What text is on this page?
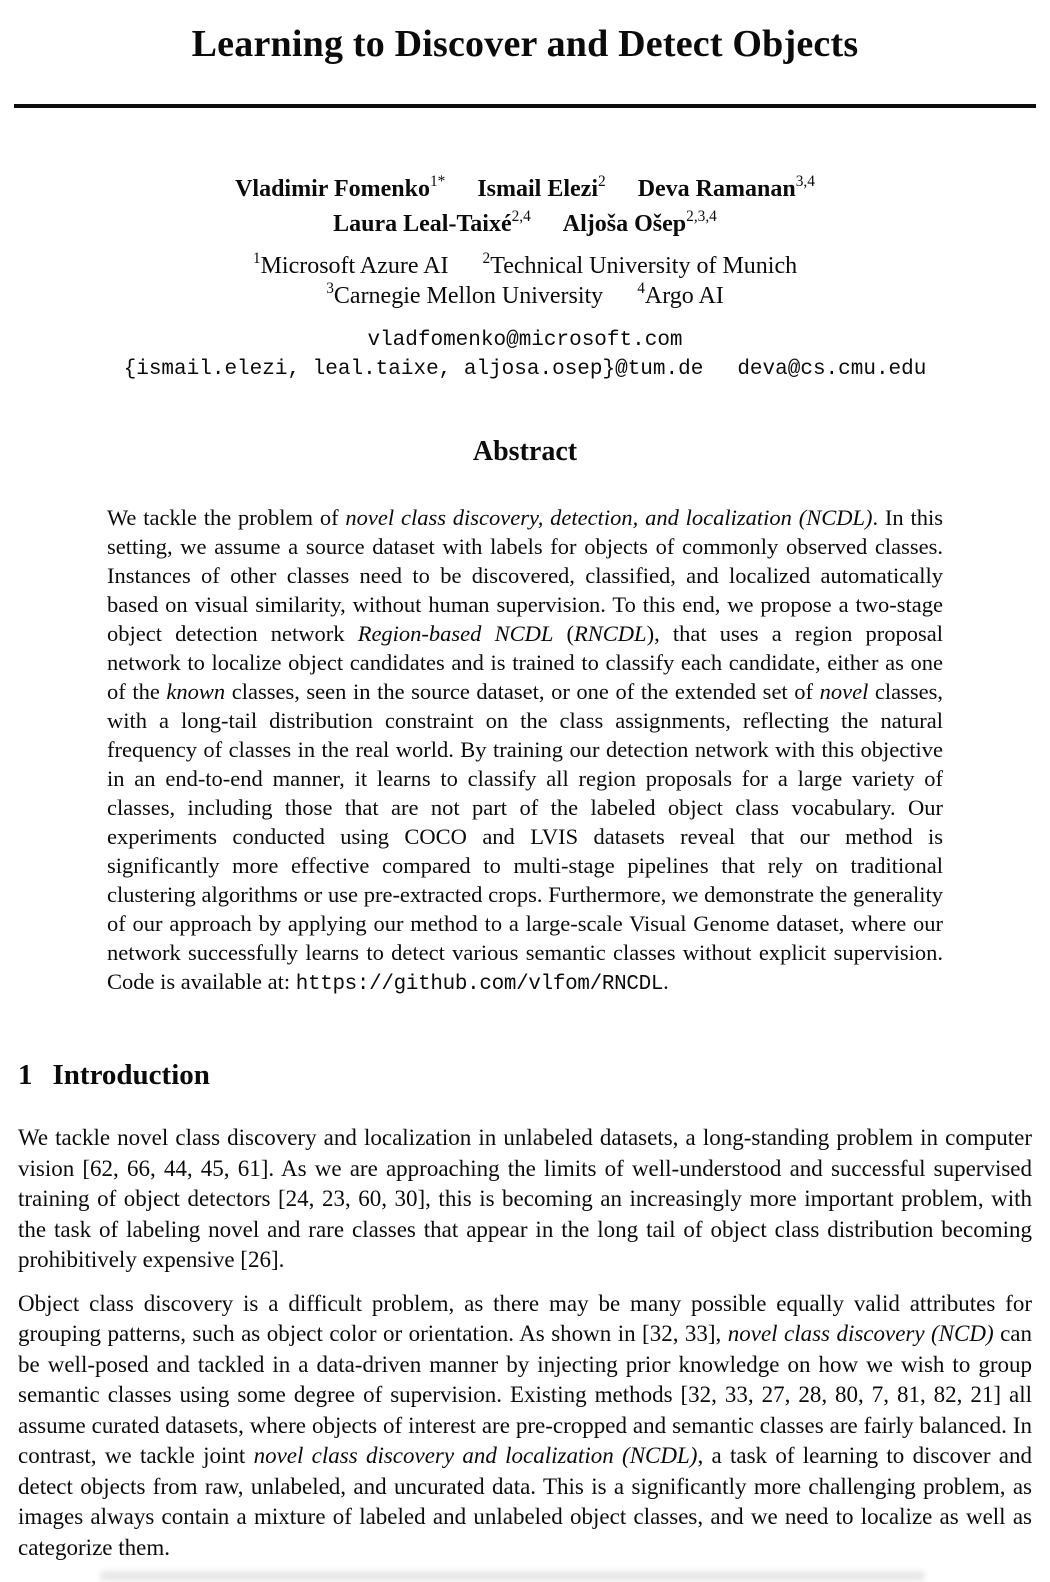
Learning to Discover and Detect Objects
Vladimir Fomenko$^{1*}$ Ismail Elezi$^2$ Deva Ramanan$^{3,4}$
Laura Leal-Taixé$^{2,4}$ Aljoša Ošep$^{2,3,4}$
$^1$Microsoft Azure AI $^2$Technical University of Munich
$^3$Carnegie Mellon University $^4$Argo AI
vladfomenko@microsoft.com
{ismail.elezi, leal.taixe, aljosa.osep}@tum.de deva@cs.cmu.edu
Abstract

We tackle the problem of novel class discovery, detection, and localization (NCDL). In this setting, we assume a source dataset with labels for objects of commonly observed classes. Instances of other classes need to be discovered, classified, and localized automatically based on visual similarity, without human supervision. To this end, we propose a two-stage object detection network Region-based NCDL (RNCDL), that uses a region proposal network to localize object candidates and is trained to classify each candidate, either as one of the known classes, seen in the source dataset, or one of the extended set of novel classes, with a long-tail distribution constraint on the class assignments, reflecting the natural frequency of classes in the real world. By training our detection network with this objective in an end-to-end manner, it learns to classify all region proposals for a large variety of classes, including those that are not part of the labeled object class vocabulary. Our experiments conducted using COCO and LVIS datasets reveal that our method is significantly more effective compared to multi-stage pipelines that rely on traditional clustering algorithms or use pre-extracted crops. Furthermore, we demonstrate the generality of our approach by applying our method to a large-scale Visual Genome dataset, where our network successfully learns to detect various semantic classes without explicit supervision. Code is available at: https://github.com/vlfom/RNCDL.

1 Introduction

We tackle novel class discovery and localization in unlabeled datasets, a long-standing problem in computer vision [62, 66, 44, 45, 61]. As we are approaching the limits of well-understood and successful supervised training of object detectors [24, 23, 60, 30], this is becoming an increasingly more important problem, with the task of labeling novel and rare classes that appear in the long tail of object class distribution becoming prohibitively expensive [26].

Object class discovery is a difficult problem, as there may be many possible equally valid attributes for grouping patterns, such as object color or orientation. As shown in [32, 33], novel class discovery (NCD) can be well-posed and tackled in a data-driven manner by injecting prior knowledge on how we wish to group semantic classes using some degree of supervision. Existing methods [32, 33, 27, 28, 80, 7, 81, 82, 21] all assume curated datasets, where objects of interest are pre-cropped and semantic classes are fairly balanced. In contrast, we tackle joint novel class discovery and localization (NCDL), a task of learning to discover and detect objects from raw, unlabeled, and uncurated data. This is a significantly more challenging problem, as images always contain a mixture of labeled and unlabeled object classes, and we need to localize as well as categorize them.
